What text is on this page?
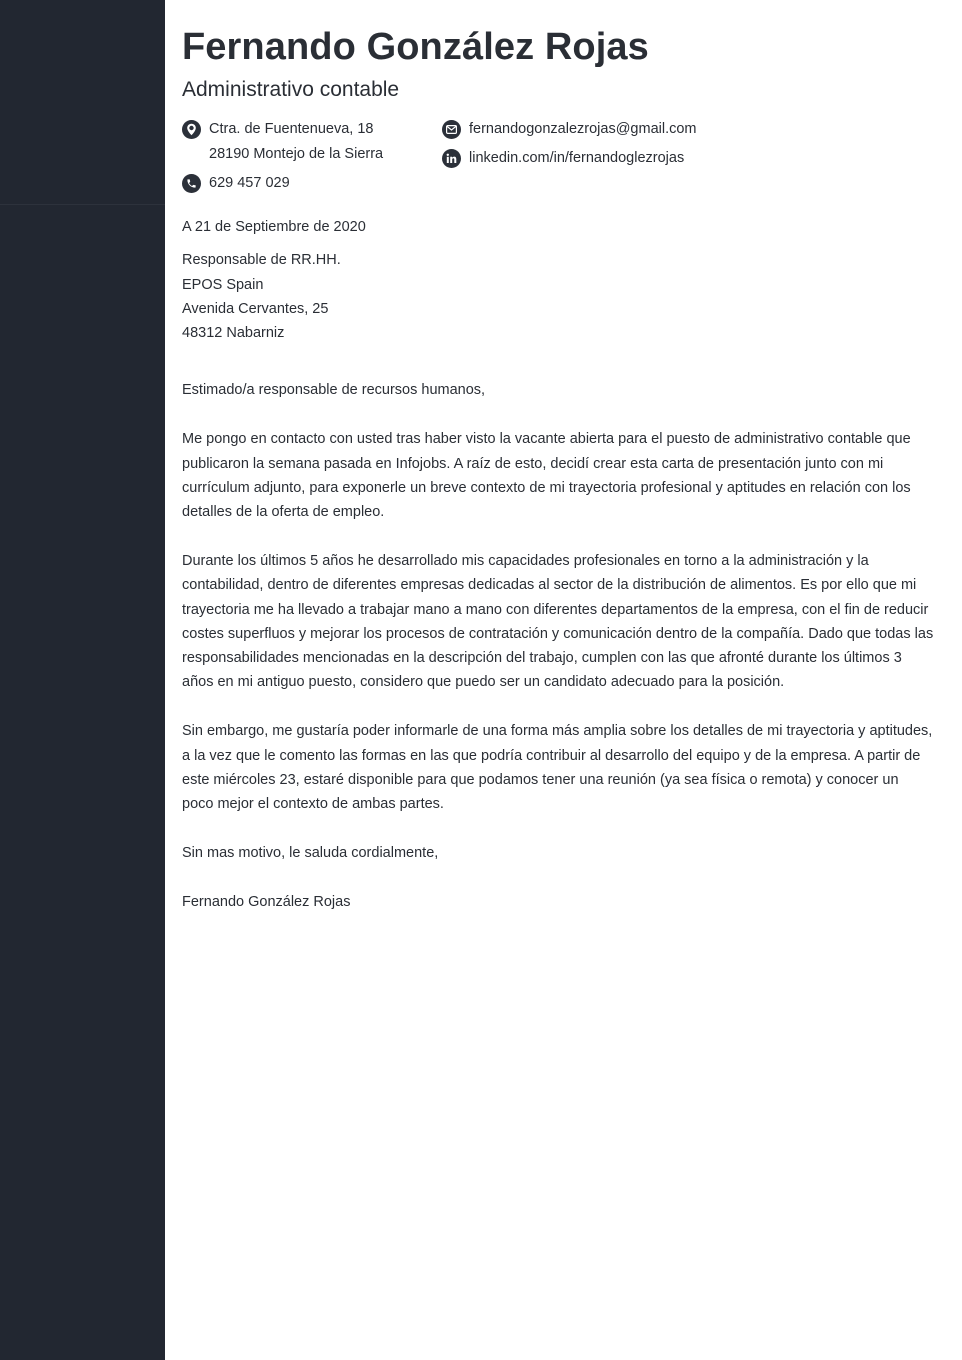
Fernando González Rojas
Administrativo contable
Ctra. de Fuentenueva, 18
28190 Montejo de la Sierra
629 457 029
fernandogonzalezrojas@gmail.com
linkedin.com/in/fernandoglezrojas

A 21 de Septiembre de 2020

Responsable de RR.HH.
EPOS Spain
Avenida Cervantes, 25
48312 Nabarniz

Estimado/a responsable de recursos humanos,

Me pongo en contacto con usted tras haber visto la vacante abierta para el puesto de administrativo contable que publicaron la semana pasada en Infojobs. A raíz de esto, decidí crear esta carta de presentación junto con mi currículum adjunto, para exponerle un breve contexto de mi trayectoria profesional y aptitudes en relación con los detalles de la oferta de empleo.

Durante los últimos 5 años he desarrollado mis capacidades profesionales en torno a la administración y la contabilidad, dentro de diferentes empresas dedicadas al sector de la distribución de alimentos. Es por ello que mi trayectoria me ha llevado a trabajar mano a mano con diferentes departamentos de la empresa, con el fin de reducir costes superfluos y mejorar los procesos de contratación y comunicación dentro de la compañía. Dado que todas las responsabilidades mencionadas en la descripción del trabajo, cumplen con las que afronté durante los últimos 3 años en mi antiguo puesto, considero que puedo ser un candidato adecuado para la posición.

Sin embargo, me gustaría poder informarle de una forma más amplia sobre los detalles de mi trayectoria y aptitudes, a la vez que le comento las formas en las que podría contribuir al desarrollo del equipo y de la empresa. A partir de este miércoles 23, estaré disponible para que podamos tener una reunión (ya sea física o remota) y conocer un poco mejor el contexto de ambas partes.

Sin mas motivo, le saluda cordialmente,

Fernando González Rojas
